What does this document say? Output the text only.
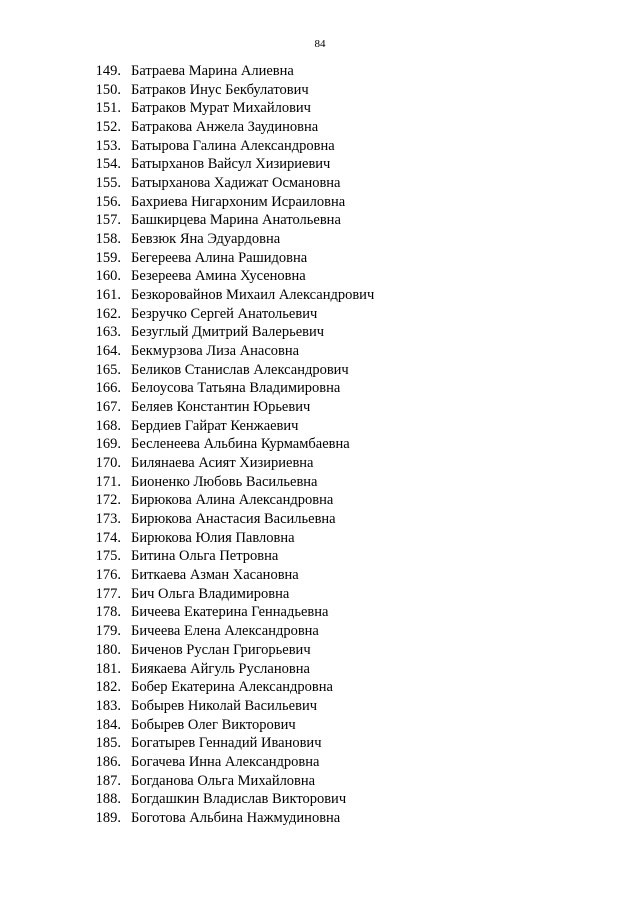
84
149. Батраева Марина Алиевна
150. Батраков Инус Бекбулатович
151. Батраков Мурат Михайлович
152. Батракова Анжела Заудиновна
153. Батырова Галина Александровна
154. Батырханов Вайсул Хизириевич
155. Батырханова Хадижат Османовна
156. Бахриева Нигархоним Исраиловна
157. Башкирцева Марина Анатольевна
158. Бевзюк Яна Эдуардовна
159. Бегереева Алина Рашидовна
160. Безереева Амина Хусеновна
161. Безкоровайнов Михаил Александрович
162. Безручко Сергей Анатольевич
163. Безуглый Дмитрий Валерьевич
164. Бекмурзова Лиза Анасовна
165. Беликов Станислав Александрович
166. Белоусова Татьяна Владимировна
167. Беляев Константин Юрьевич
168. Бердиев Гайрат Кенжаевич
169. Бесленеева Альбина Курмамбаевна
170. Билянаева Асият Хизириевна
171. Бионенко Любовь Васильевна
172. Бирюкова Алина Александровна
173. Бирюкова Анастасия Васильевна
174. Бирюкова Юлия Павловна
175. Битина Ольга Петровна
176. Биткаева Азман Хасановна
177. Бич Ольга Владимировна
178. Бичеева Екатерина Геннадьевна
179. Бичеева Елена Александровна
180. Биченов Руслан Григорьевич
181. Биякаева Айгуль Руслановна
182. Бобер Екатерина Александровна
183. Бобырев Николай Васильевич
184. Бобырев Олег Викторович
185. Богатырев Геннадий Иванович
186. Богачева Инна Александровна
187. Богданова Ольга Михайловна
188. Богдашкин Владислав Викторович
189. Боготова Альбина Нажмудиновна
